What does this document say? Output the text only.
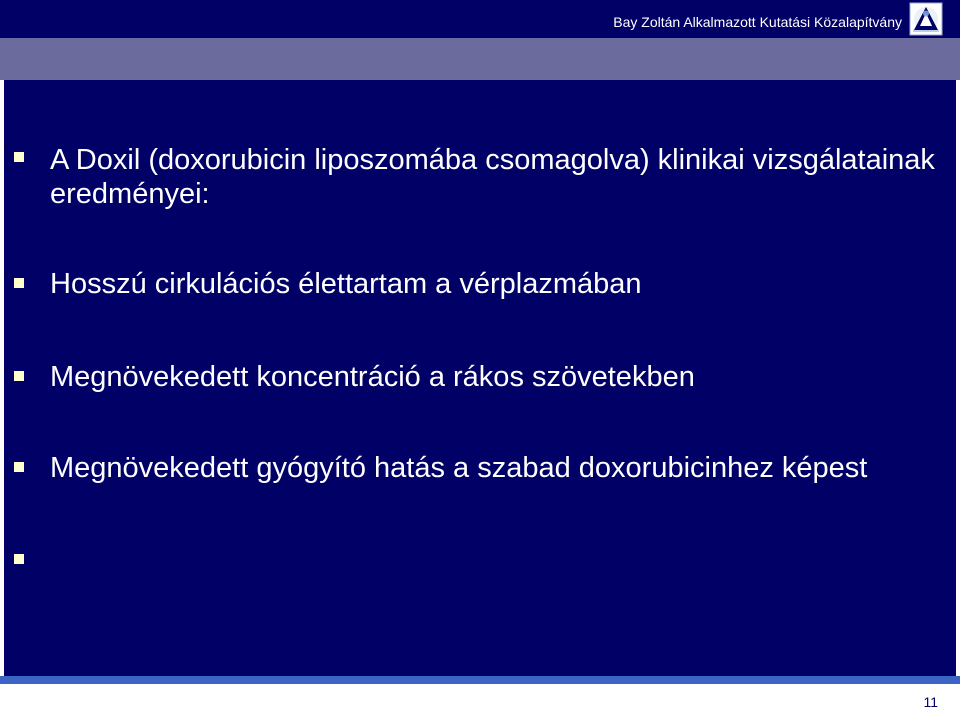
Bay Zoltán Alkalmazott Kutatási Közalapítvány
A Doxil (doxorubicin liposzomába csomagolva) klinikai vizsgálatainak eredményei:
Hosszú cirkulációs élettartam a vérplazmában
Megnövekedett koncentráció a rákos szövetekben
Megnövekedett gyógyító hatás a szabad doxorubicinhez képest
11
